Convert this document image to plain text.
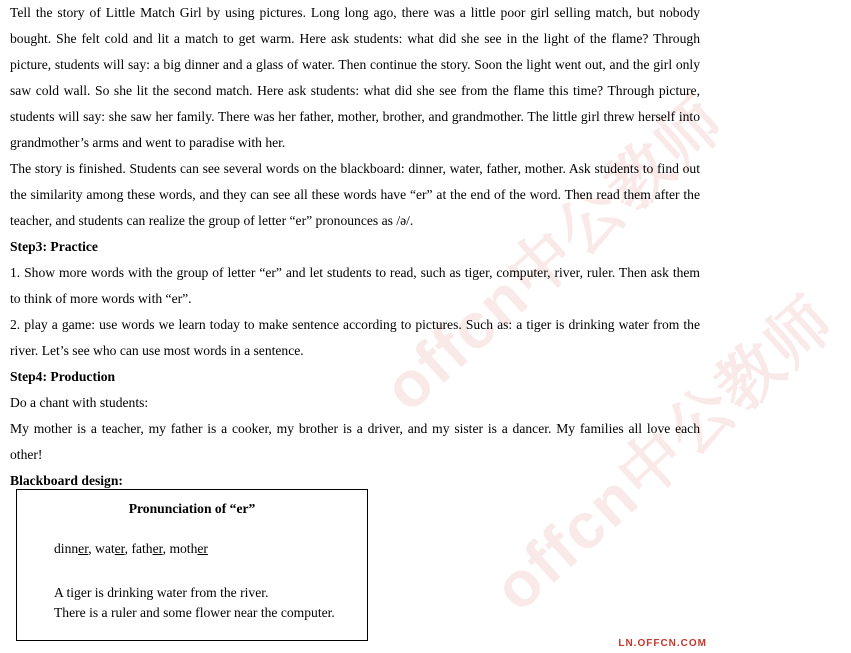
offcn中公教师
offcn中公教师

Tell the story of Little Match Girl by using pictures. Long long ago, there was a little poor girl selling match, but nobody bought. She felt cold and lit a match to get warm. Here ask students: what did she see in the light of the flame? Through picture, students will say: a big dinner and a glass of water. Then continue the story. Soon the light went out, and the girl only saw cold wall. So she lit the second match. Here ask students: what did she see from the flame this time? Through picture, students will say: she saw her family. There was her father, mother, brother, and grandmother. The little girl threw herself into grandmother’s arms and went to paradise with her.

The story is finished. Students can see several words on the blackboard: dinner, water, father, mother. Ask students to find out the similarity among these words, and they can see all these words have “er” at the end of the word. Then read them after the teacher, and students can realize the group of letter “er” pronounces as /ə/.

Step3: Practice

1. Show more words with the group of letter “er” and let students to read, such as tiger, computer, river, ruler. Then ask them to think of more words with “er”.

2. play a game: use words we learn today to make sentence according to pictures. Such as: a tiger is drinking water from the river. Let’s see who can use most words in a sentence.

Step4: Production

Do a chant with students:

My mother is a teacher, my father is a cooker, my brother is a driver, and my sister is a dancer. My families all love each other!

Blackboard design:

Pronunciation of “er”
dinner, water, father, mother
A tiger is drinking water from the river.
There is a ruler and some flower near the computer.
LN.OFFCN.COM
